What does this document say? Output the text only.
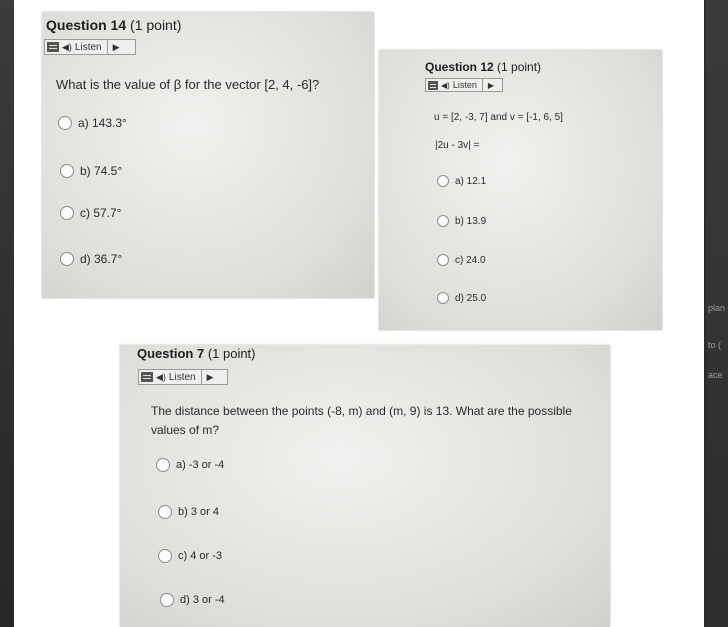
plan
to (
ace
Question 14 (1 point)
◀) Listen ▶
What is the value of β for the vector [2, 4, -6]?
a) 143.3°
b) 74.5°
c) 57.7°
d) 36.7°
Question 12 (1 point)
◀) Listen ▶
u = [2, -3, 7] and v = [-1, 6, 5]
|2u - 3v| =
a) 12.1
b) 13.9
c) 24.0
d) 25.0
Question 7 (1 point)
◀) Listen ▶
The distance between the points (-8, m) and (m, 9) is 13. What are the possible values of m?
a) -3 or -4
b) 3 or 4
c) 4 or -3
d) 3 or -4
